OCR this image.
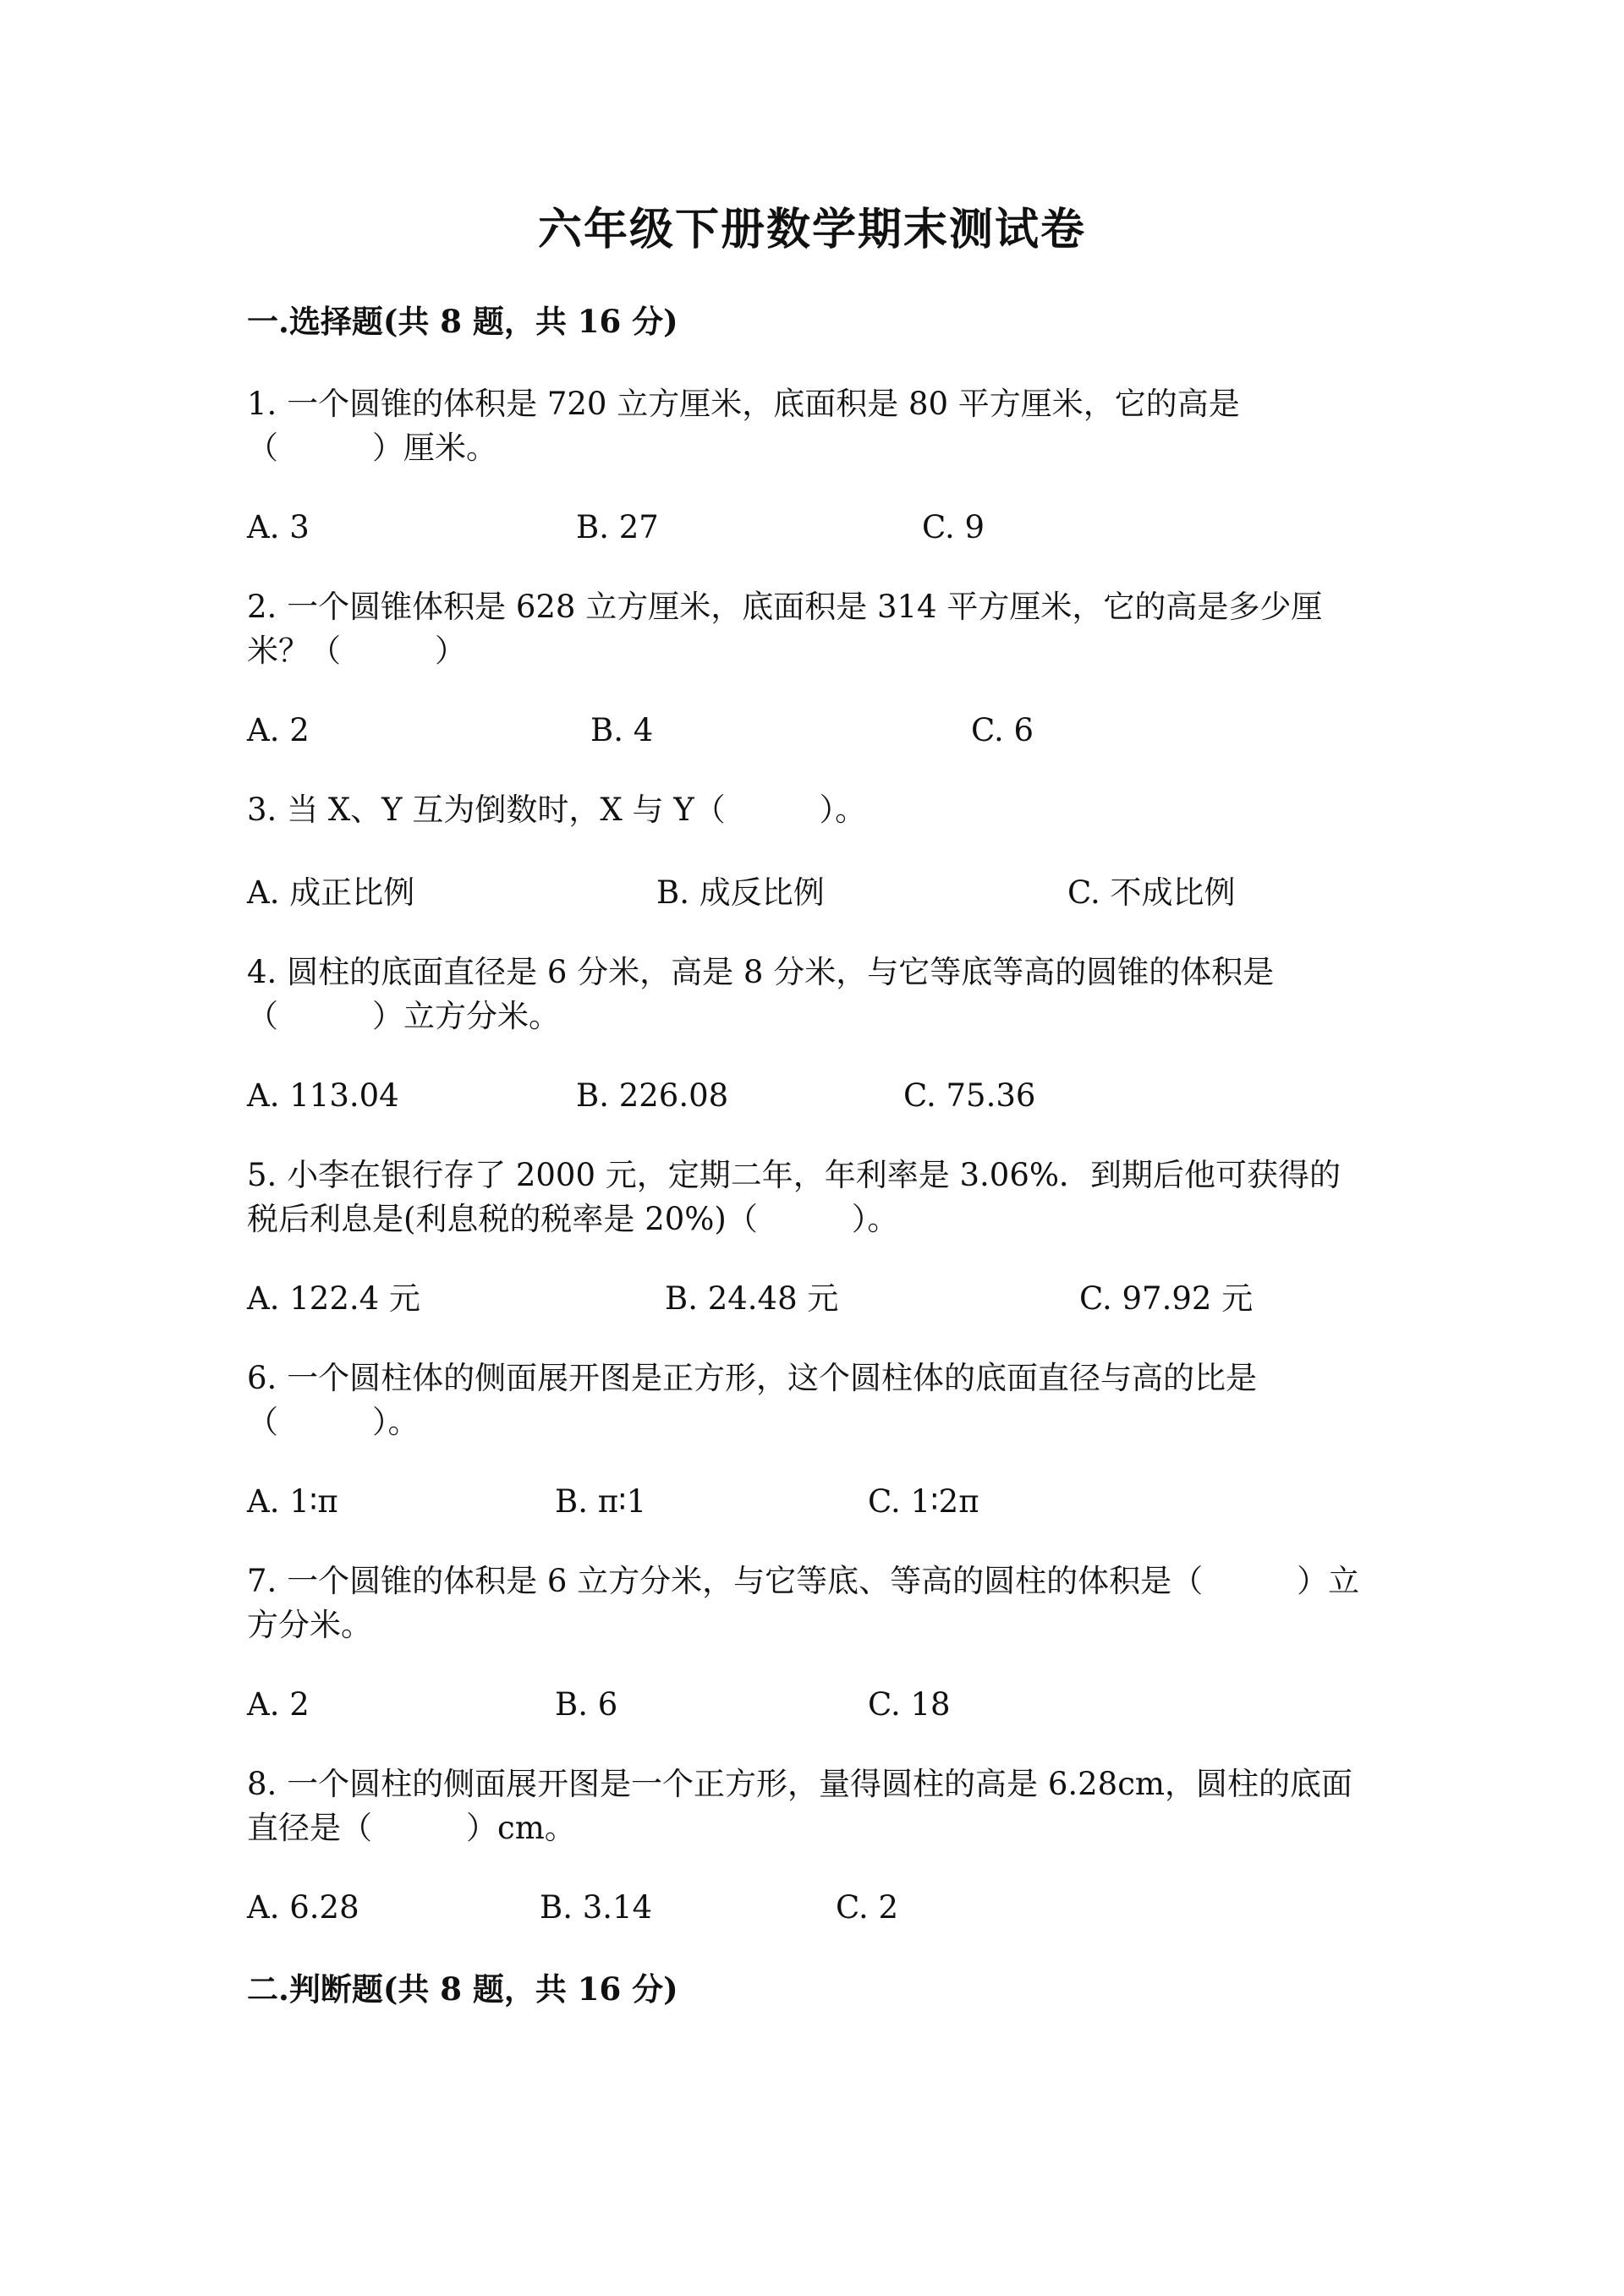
六年级下册数学期末测试卷
一.选择题(共 8 题，共 16 分)
1. 一个圆锥的体积是 720 立方厘米，底面积是 80 平方厘米，它的高是
（　　　）厘米。
A. 3	B. 27	C. 9
2. 一个圆锥体积是 628 立方厘米，底面积是 314 平方厘米，它的高是多少厘
米？（　　　）
A. 2	B. 4	C. 6
3. 当 X、Y 互为倒数时，X 与 Y（　　　）。
A. 成正比例	B. 成反比例	C. 不成比例
4. 圆柱的底面直径是 6 分米，高是 8 分米，与它等底等高的圆锥的体积是
（　　　）立方分米。
A. 113.04	B. 226.08	C. 75.36
5. 小李在银行存了 2000 元，定期二年，年利率是 3.06%．到期后他可获得的
税后利息是(利息税的税率是 20%)（　　　）。
A. 122.4 元	B. 24.48 元	C. 97.92 元
6. 一个圆柱体的侧面展开图是正方形，这个圆柱体的底面直径与高的比是
（　　　）。
A. 1∶π	B. π∶1	C. 1∶2π
7. 一个圆锥的体积是 6 立方分米，与它等底、等高的圆柱的体积是（　　　）立
方分米。
A. 2	B. 6	C. 18
8. 一个圆柱的侧面展开图是一个正方形，量得圆柱的高是 6.28cm，圆柱的底面
直径是（　　　）cm。
A. 6.28	B. 3.14	C. 2
二.判断题(共 8 题，共 16 分)
